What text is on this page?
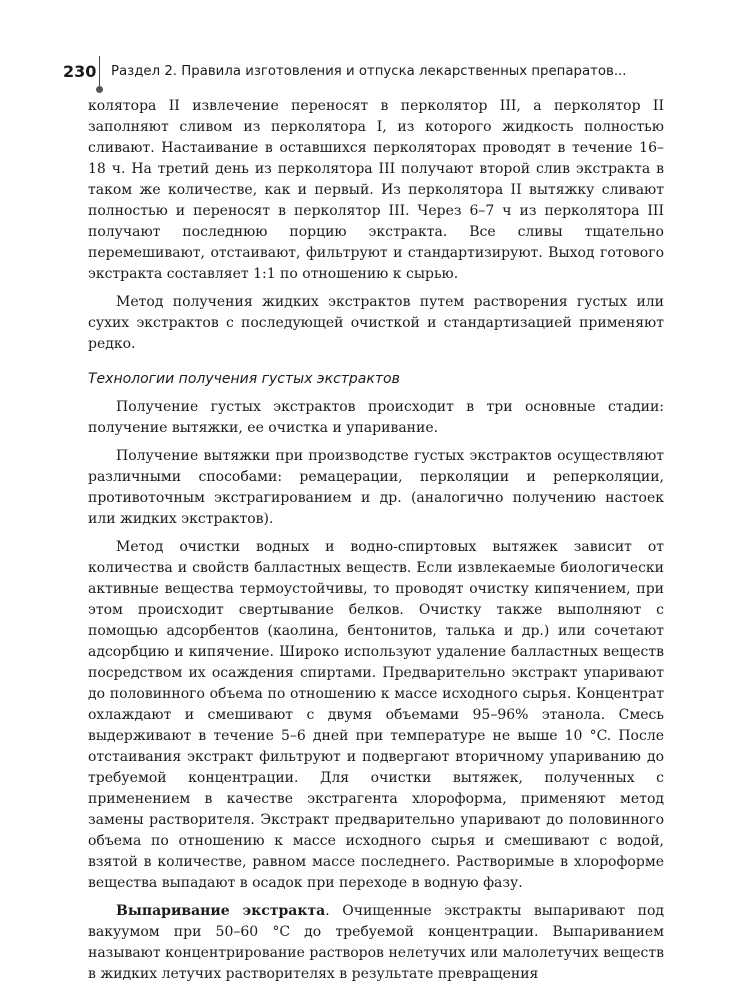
230 Раздел 2. Правила изготовления и отпуска лекарственных препаратов...

колятора II извлечение переносят в перколятор III, а перколятор II заполняют сливом из перколятора I, из которого жидкость полностью сливают. Настаивание в оставшихся перколяторах проводят в течение 16–18 ч. На третий день из перколятора III получают второй слив экстракта в таком же количестве, как и первый. Из перколятора II вытяжку сливают полностью и переносят в перколятор III. Через 6–7 ч из перколятора III получают последнюю порцию экстракта. Все сливы тщательно перемешивают, отстаивают, фильтруют и стандартизируют. Выход готового экстракта составляет 1:1 по отношению к сырью.

Метод получения жидких экстрактов путем растворения густых или сухих экстрактов с последующей очисткой и стандартизацией применяют редко.

Технологии получения густых экстрактов

Получение густых экстрактов происходит в три основные стадии: получение вытяжки, ее очистка и упаривание.

Получение вытяжки при производстве густых экстрактов осуществляют различными способами: ремацерации, перколяции и реперколяции, противоточным экстрагированием и др. (аналогично получению настоек или жидких экстрактов).

Метод очистки водных и водно-спиртовых вытяжек зависит от количества и свойств балластных веществ. Если извлекаемые биологически активные вещества термоустойчивы, то проводят очистку кипячением, при этом происходит свертывание белков. Очистку также выполняют с помощью адсорбентов (каолина, бентонитов, талька и др.) или сочетают адсорбцию и кипячение. Широко используют удаление балластных веществ посредством их осаждения спиртами. Предварительно экстракт упаривают до половинного объема по отношению к массе исходного сырья. Концентрат охлаждают и смешивают с двумя объемами 95–96% этанола. Смесь выдерживают в течение 5–6 дней при температуре не выше 10 °C. После отстаивания экстракт фильтруют и подвергают вторичному упариванию до требуемой концентрации. Для очистки вытяжек, полученных с применением в качестве экстрагента хлороформа, применяют метод замены растворителя. Экстракт предварительно упаривают до половинного объема по отношению к массе исходного сырья и смешивают с водой, взятой в количестве, равном массе последнего. Растворимые в хлороформе вещества выпадают в осадок при переходе в водную фазу.

Выпаривание экстракта. Очищенные экстракты выпаривают под вакуумом при 50–60 °C до требуемой концентрации. Выпариванием называют концентрирование растворов нелетучих или малолетучих веществ в жидких летучих растворителях в результате превращения
